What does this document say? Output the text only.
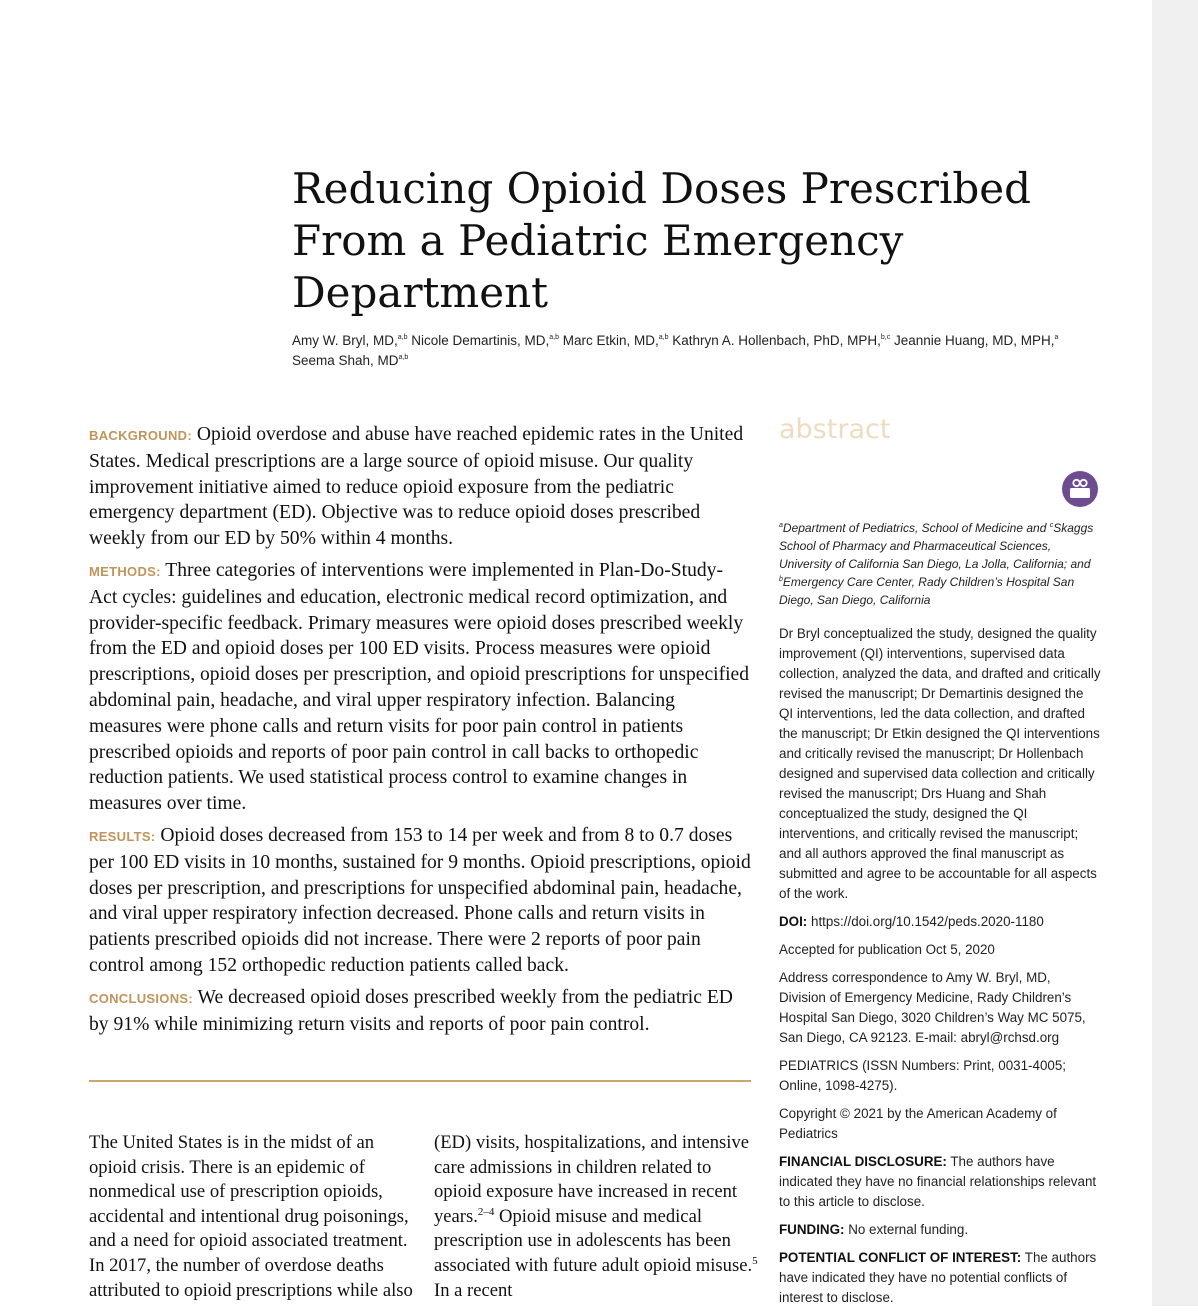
Reducing Opioid Doses Prescribed From a Pediatric Emergency Department
Amy W. Bryl, MD,$^{a,b}$ Nicole Demartinis, MD,$^{a,b}$ Marc Etkin, MD,$^{a,b}$ Kathryn A. Hollenbach, PhD, MPH,$^{b,c}$ Jeannie Huang, MD, MPH,$^a$
Seema Shah, MD$^{a,b}$

BACKGROUND: Opioid overdose and abuse have reached epidemic rates in the United States. Medical prescriptions are a large source of opioid misuse. Our quality improvement initiative aimed to reduce opioid exposure from the pediatric emergency department (ED). Objective was to reduce opioid doses prescribed weekly from our ED by 50% within 4 months.

METHODS: Three categories of interventions were implemented in Plan-Do-Study-Act cycles: guidelines and education, electronic medical record optimization, and provider-specific feedback. Primary measures were opioid doses prescribed weekly from the ED and opioid doses per 100 ED visits. Process measures were opioid prescriptions, opioid doses per prescription, and opioid prescriptions for unspecified abdominal pain, headache, and viral upper respiratory infection. Balancing measures were phone calls and return visits for poor pain control in patients prescribed opioids and reports of poor pain control in call backs to orthopedic reduction patients. We used statistical process control to examine changes in measures over time.

RESULTS: Opioid doses decreased from 153 to 14 per week and from 8 to 0.7 doses per 100 ED visits in 10 months, sustained for 9 months. Opioid prescriptions, opioid doses per prescription, and prescriptions for unspecified abdominal pain, headache, and viral upper respiratory infection decreased. Phone calls and return visits in patients prescribed opioids did not increase. There were 2 reports of poor pain control among 152 orthopedic reduction patients called back.

CONCLUSIONS: We decreased opioid doses prescribed weekly from the pediatric ED by 91% while minimizing return visits and reports of poor pain control.

The United States is in the midst of an opioid crisis. There is an epidemic of nonmedical use of prescription opioids, accidental and intentional drug poisonings, and a need for opioid associated treatment. In 2017, the number of overdose deaths attributed to opioid prescriptions while also
(ED) visits, hospitalizations, and intensive care admissions in children related to opioid exposure have increased in recent years.$^{2-4}$ Opioid misuse and medical prescription use in adolescents has been associated with future adult opioid misuse.$^5$ In a recent
abstract
$^a$Department of Pediatrics, School of Medicine and $^c$Skaggs School of Pharmacy and Pharmaceutical Sciences, University of California San Diego, La Jolla, California; and $^b$Emergency Care Center, Rady Children’s Hospital San Diego, San Diego, California

Dr Bryl conceptualized the study, designed the quality improvement (QI) interventions, supervised data collection, analyzed the data, and drafted and critically revised the manuscript; Dr Demartinis designed the QI interventions, led the data collection, and drafted the manuscript; Dr Etkin designed the QI interventions and critically revised the manuscript; Dr Hollenbach designed and supervised data collection and critically revised the manuscript; Drs Huang and Shah conceptualized the study, designed the QI interventions, and critically revised the manuscript; and all authors approved the final manuscript as submitted and agree to be accountable for all aspects of the work.

DOI: https://doi.org/10.1542/peds.2020-1180

Accepted for publication Oct 5, 2020

Address correspondence to Amy W. Bryl, MD, Division of Emergency Medicine, Rady Children’s Hospital San Diego, 3020 Children’s Way MC 5075, San Diego, CA 92123. E-mail: abryl@rchsd.org

PEDIATRICS (ISSN Numbers: Print, 0031-4005; Online, 1098-4275).

Copyright © 2021 by the American Academy of Pediatrics

FINANCIAL DISCLOSURE: The authors have indicated they have no financial relationships relevant to this article to disclose.

FUNDING: No external funding.

POTENTIAL CONFLICT OF INTEREST: The authors have indicated they have no potential conflicts of interest to disclose.
